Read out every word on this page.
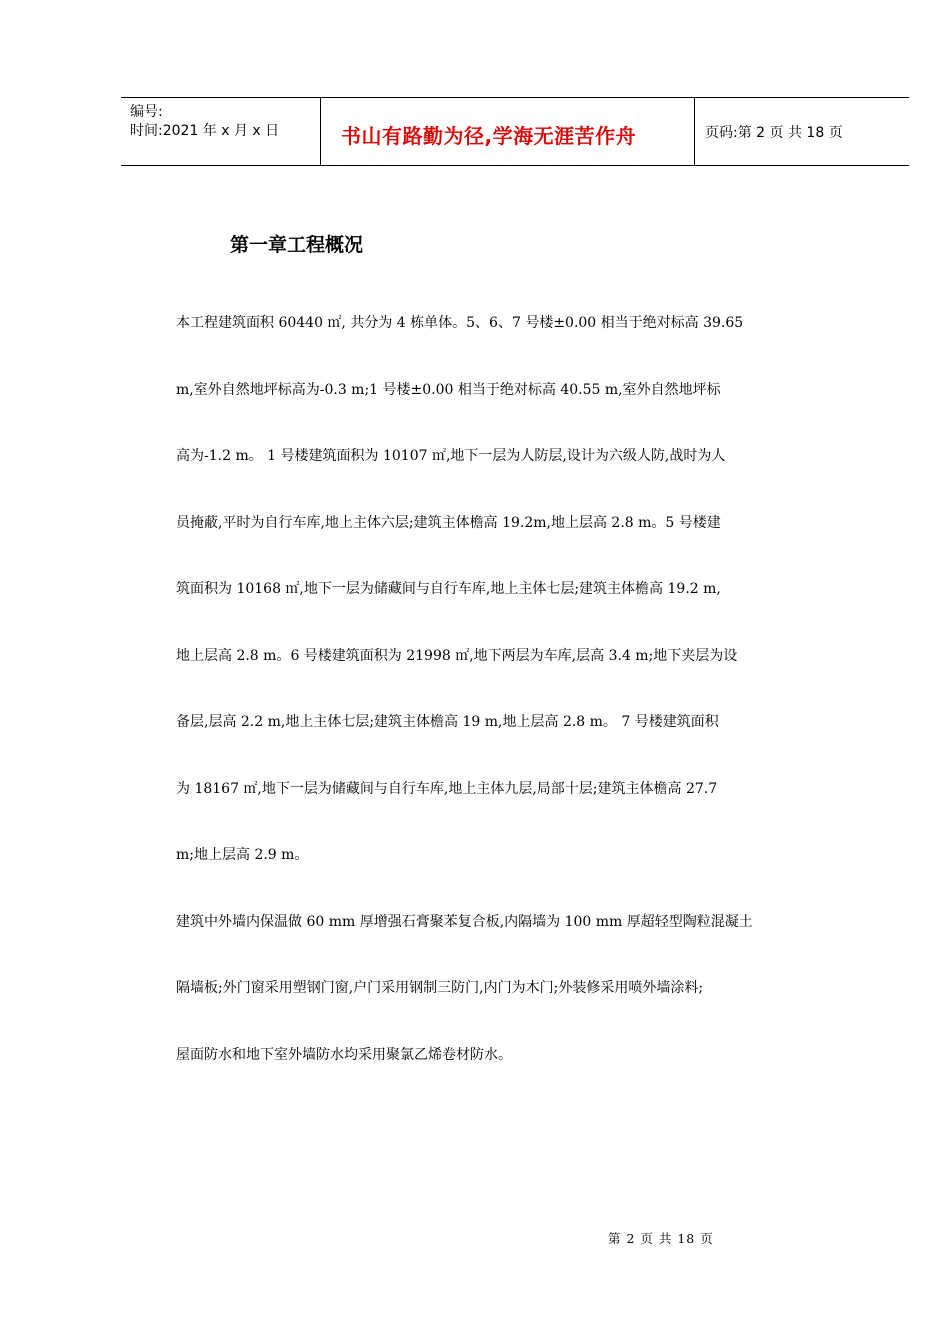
编号:
时间:2021 年 x 月 x 日	书山有路勤为径,学海无涯苦作舟	页码:第 2 页 共 18 页
第一章工程概况
本工程建筑面积 60440 ㎡, 共分为 4 栋单体。5、6、7 号楼±0.00 相当于绝对标高 39.65
m,室外自然地坪标高为-0.3 m;1 号楼±0.00 相当于绝对标高 40.55 m,室外自然地坪标
高为-1.2 m。 1 号楼建筑面积为 10107 ㎡,地下一层为人防层,设计为六级人防,战时为人
员掩蔽,平时为自行车库,地上主体六层;建筑主体檐高 19.2m,地上层高 2.8 m。5 号楼建
筑面积为 10168 ㎡,地下一层为储藏间与自行车库,地上主体七层;建筑主体檐高 19.2 m,
地上层高 2.8 m。6 号楼建筑面积为 21998 ㎡,地下两层为车库,层高 3.4 m;地下夹层为设
备层,层高 2.2 m,地上主体七层;建筑主体檐高 19 m,地上层高 2.8 m。 7 号楼建筑面积
为 18167 ㎡,地下一层为储藏间与自行车库,地上主体九层,局部十层;建筑主体檐高 27.7
m;地上层高 2.9 m。
建筑中外墙内保温做 60 mm 厚增强石膏聚苯复合板,内隔墙为 100 mm 厚超轻型陶粒混凝土
隔墙板;外门窗采用塑钢门窗,户门采用钢制三防门,内门为木门;外装修采用喷外墙涂料;
屋面防水和地下室外墙防水均采用聚氯乙烯卷材防水。
第 2 页 共 18 页
